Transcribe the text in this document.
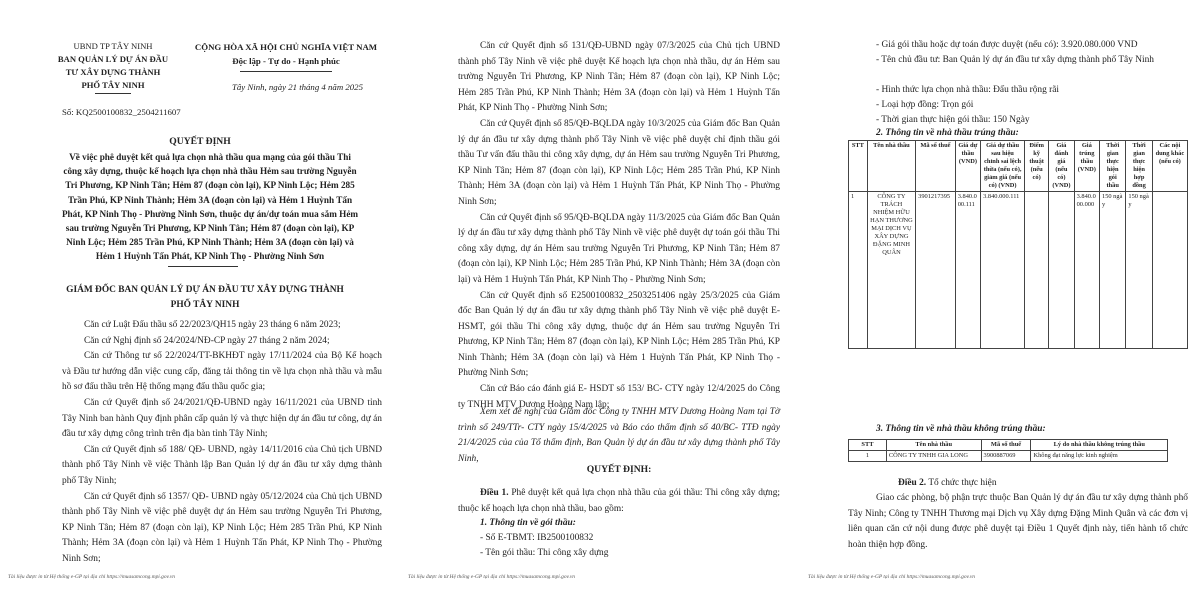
UBND TP TÂY NINH
BAN QUẢN LÝ DỰ ÁN ĐẦU
TƯ XÂY DỰNG THÀNH
PHỐ TÂY NINH
CỘNG HÒA XÃ HỘI CHỦ NGHĨA VIỆT NAM
Độc lập - Tự do - Hạnh phúc
Tây Ninh, ngày 21 tháng 4 năm 2025
Số: KQ2500100832_2504211607
QUYẾT ĐỊNH
Về việc phê duyệt kết quả lựa chọn nhà thầu qua mạng của gói thầu Thi
công xây dựng, thuộc kế hoạch lựa chọn nhà thầu Hẻm sau trường Nguyễn
Tri Phương, KP Ninh Tân; Hẻm 87 (đoạn còn lại), KP Ninh Lộc; Hẻm 285
Trần Phú, KP Ninh Thành; Hẻm 3A (đoạn còn lại) và Hẻm 1 Huỳnh Tấn
Phát, KP Ninh Thọ - Phường Ninh Sơn, thuộc dự án/dự toán mua sắm Hẻm
sau trường Nguyễn Tri Phương, KP Ninh Tân; Hẻm 87 (đoạn còn lại), KP
Ninh Lộc; Hẻm 285 Trần Phú, KP Ninh Thành; Hẻm 3A (đoạn còn lại) và
Hẻm 1 Huỳnh Tấn Phát, KP Ninh Thọ - Phường Ninh Sơn
GIÁM ĐỐC BAN QUẢN LÝ DỰ ÁN ĐẦU TƯ XÂY DỰNG THÀNH
PHỐ TÂY NINH

Căn cứ Luật Đấu thầu số 22/2023/QH15 ngày 23 tháng 6 năm 2023;

Căn cứ Nghị định số 24/2024/NĐ-CP ngày 27 tháng 2 năm 2024;

Căn cứ Thông tư số 22/2024/TT-BKHĐT ngày 17/11/2024 của Bộ Kế hoạch và Đầu tư hướng dẫn việc cung cấp, đăng tải thông tin về lựa chọn nhà thầu và mẫu hồ sơ đấu thầu trên Hệ thống mạng đấu thầu quốc gia;

Căn cứ Quyết định số 24/2021/QĐ-UBND ngày 16/11/2021 của UBND tỉnh Tây Ninh ban hành Quy định phân cấp quản lý và thực hiện dự án đầu tư công, dự án đầu tư xây dựng công trình trên địa bàn tỉnh Tây Ninh;

Căn cứ Quyết định số 188/ QĐ- UBND, ngày 14/11/2016 của Chủ tịch UBND thành phố Tây Ninh về việc Thành lập Ban Quản lý dự án đầu tư xây dựng thành phố Tây Ninh;

Căn cứ Quyết định số 1357/ QĐ- UBND ngày 05/12/2024 của Chủ tịch UBND thành phố Tây Ninh về việc phê duyệt dự án Hẻm sau trường Nguyễn Tri Phương, KP Ninh Tân; Hẻm 87 (đoạn còn lại), KP Ninh Lộc; Hẻm 285 Trần Phú, KP Ninh Thành; Hẻm 3A (đoạn còn lại) và Hẻm 1 Huỳnh Tấn Phát, KP Ninh Thọ - Phường Ninh Sơn;

Tài liệu được in từ Hệ thống e-GP tại địa chỉ https://muasamcong.mpi.gov.vn

Căn cứ Quyết định số 131/QĐ-UBND ngày 07/3/2025 của Chủ tịch UBND thành phố Tây Ninh về việc phê duyệt Kế hoạch lựa chọn nhà thầu, dự án Hẻm sau trường Nguyễn Tri Phương, KP Ninh Tân; Hẻm 87 (đoạn còn lại), KP Ninh Lộc; Hẻm 285 Trần Phú, KP Ninh Thành; Hẻm 3A (đoạn còn lại) và Hẻm 1 Huỳnh Tấn Phát, KP Ninh Thọ - Phường Ninh Sơn;

Căn cứ Quyết định số 85/QĐ-BQLDA ngày 10/3/2025 của Giám đốc Ban Quản lý dự án đầu tư xây dựng thành phố Tây Ninh về việc phê duyệt chỉ định thầu gói thầu Tư vấn đấu thầu thi công xây dựng, dự án Hẻm sau trường Nguyễn Tri Phương, KP Ninh Tân; Hẻm 87 (đoạn còn lại), KP Ninh Lộc; Hẻm 285 Trần Phú, KP Ninh Thành; Hẻm 3A (đoạn còn lại) và Hẻm 1 Huỳnh Tấn Phát, KP Ninh Thọ - Phường Ninh Sơn;

Căn cứ Quyết định số 95/QĐ-BQLDA ngày 11/3/2025 của Giám đốc Ban Quản lý dự án đầu tư xây dựng thành phố Tây Ninh về việc phê duyệt dự toán gói thầu Thi công xây dựng, dự án Hẻm sau trường Nguyễn Tri Phương, KP Ninh Tân; Hẻm 87 (đoạn còn lại), KP Ninh Lộc; Hẻm 285 Trần Phú, KP Ninh Thành; Hẻm 3A (đoạn còn lại) và Hẻm 1 Huỳnh Tấn Phát, KP Ninh Thọ - Phường Ninh Sơn;

Căn cứ Quyết định số E2500100832_2503251406 ngày 25/3/2025 của Giám đốc Ban Quản lý dự án đầu tư xây dựng thành phố Tây Ninh về việc phê duyệt E- HSMT, gói thầu Thi công xây dựng, thuộc dự án Hẻm sau trường Nguyễn Tri Phương, KP Ninh Tân; Hẻm 87 (đoạn còn lại), KP Ninh Lộc; Hẻm 285 Trần Phú, KP Ninh Thành; Hẻm 3A (đoạn còn lại) và Hẻm 1 Huỳnh Tấn Phát, KP Ninh Thọ - Phường Ninh Sơn;

Căn cứ Báo cáo đánh giá E- HSDT số 153/ BC- CTY ngày 12/4/2025 do Công ty TNHH MTV Dương Hoàng Nam lập;

Xem xét đề nghị của Giám đốc Công ty TNHH MTV Dương Hoàng Nam tại Tờ trình số 249/TTr- CTY ngày 15/4/2025 và Báo cáo thẩm định số 40/BC- TTĐ ngày 21/4/2025 của của Tổ thẩm định, Ban Quản lý dự án đầu tư xây dựng thành phố Tây Ninh,

QUYẾT ĐỊNH:

Điều 1. Phê duyệt kết quả lựa chọn nhà thầu của gói thầu: Thi công xây dựng; thuộc kế hoạch lựa chọn nhà thầu, bao gồm:

1. Thông tin về gói thầu:
- Số E-TBMT: IB2500100832
- Tên gói thầu: Thi công xây dựng
Tài liệu được in từ Hệ thống e-GP tại địa chỉ https://muasamcong.mpi.gov.vn

- Giá gói thầu hoặc dự toán được duyệt (nếu có): 3.920.080.000 VND

- Tên chủ đầu tư: Ban Quản lý dự án đầu tư xây dựng thành phố Tây Ninh

- Hình thức lựa chọn nhà thầu: Đấu thầu rộng rãi

- Loại hợp đồng: Trọn gói

- Thời gian thực hiện gói thầu: 150 Ngày

2. Thông tin về nhà thầu trúng thầu:
STT	Tên nhà thầu	Mã số thuế	Giá dự thầu (VND)	Giá dự thầu sau hiệu chỉnh sai lệch thừa (nếu có), giảm giá (nếu có) (VND)	Điểm kỹ thuật (nếu có)	Giá đánh giá (nếu có) (VND)	Giá trúng thầu (VND)	Thời gian thực hiện gói thầu	Thời gian thực hiện hợp đồng	Các nội dung khác (nếu có)
1	CÔNG TY TRÁCH NHIỆM HỮU HẠN THƯƠNG MẠI DỊCH VỤ XÂY DỰNG ĐẶNG MINH QUÂN	3901217395	3.840.000.111	3.840.000.111			3.840.000.000	150 ngày	150 ngày	
3. Thông tin về nhà thầu không trúng thầu:
STT	Tên nhà thầu	Mã số thuế	Lý do nhà thầu không trúng thầu
1	CÔNG TY TNHH GIA LONG	3900887069	Không đạt năng lực kinh nghiệm

Điều 2. Tổ chức thực hiện

Giao các phòng, bộ phận trực thuộc Ban Quản lý dự án đầu tư xây dựng thành phố Tây Ninh; Công ty TNHH Thương mại Dịch vụ Xây dựng Đặng Minh Quân và các đơn vị liên quan căn cứ nội dung được phê duyệt tại Điều 1 Quyết định này, tiến hành tổ chức hoàn thiện hợp đồng.

Tài liệu được in từ Hệ thống e-GP tại địa chỉ https://muasamcong.mpi.gov.vn
